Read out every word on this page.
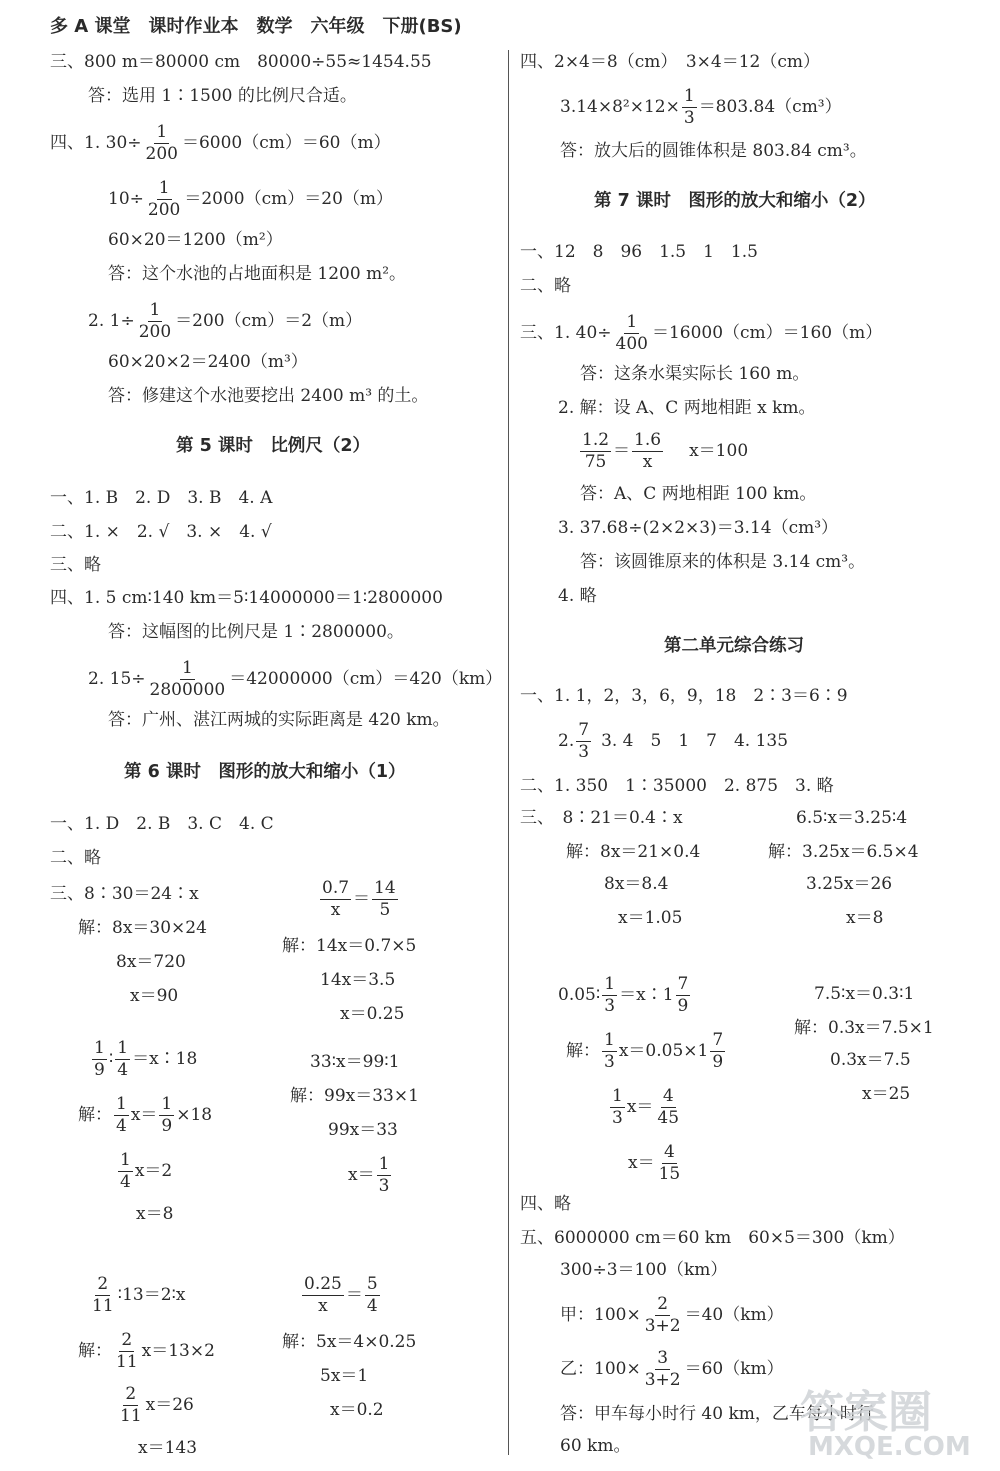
多 A 课堂　课时作业本　数学　六年级　下册(BS)
三、800 m＝80000 cm　80000÷55≈1454.55
答：选用 1∶1500 的比例尺合适。
四、1. $30\div \frac{1}{200} =6000(cm)=60(m)$
$10\div \frac{1}{200} =2000(cm)=20(m)$
60×20＝1200（m²）
答：这个水池的占地面积是 1200 m²。
2. $1\div \frac{1}{200} =200(cm)=2(m)$
60×20×2＝2400（m³）
答：修建这个水池要挖出 2400 m³ 的土。
第 5 课时　比例尺（2）
一、1. B　2. D　3. B　4. A
二、1. ×　2. √　3. ×　4. √
三、略
四、1. 5 cm∶140 km＝5∶14000000＝1∶2800000
答：这幅图的比例尺是 1∶2800000。
2. $15\div \frac{1}{2800000} =42000000(cm)=420(km)$
答：广州、湛江两城的实际距离是 420 km。
第 6 课时　图形的放大和缩小（1）
一、1. D　2. B　3. C　4. C
二、略
三、8∶30＝24∶x
解：8x＝30×24
8x＝720
x＝90
$\frac{0.7}{x} = \frac{14}{5}$
解：14x＝0.7×5
14x＝3.5
x＝0.25
$\frac{1}{9}$ ∶ $\frac{1}{4}$ ＝x∶18
解： $\frac{1}{4} x= \frac{1}{9} \times 18$
$\frac{1}{4} x=2$
x＝8
33∶x＝99∶1
解：99x＝33×1
99x＝33
$x= \frac{1}{3}$
$\frac{2}{11}$ ∶13＝2∶x
解： $\frac{2}{11} x=13\times 2$
$\frac{2}{11} x=26$
x＝143
$\frac{0.25}{x} = \frac{5}{4}$
解：5x＝4×0.25
5x＝1
x＝0.2
四、2×4＝8（cm）　3×4＝12（cm）
$3.14\times 8^2\times 12\times \frac{1}{3} =803.84(cm^3)$
答：放大后的圆锥体积是 803.84 cm³。
第 7 课时　图形的放大和缩小（2）
一、12　8　96　1.5　1　1.5
二、略
三、1. $40\div \frac{1}{400} =16000(cm)=160(m)$
答：这条水渠实际长 160 m。
2. 解：设 A、C 两地相距 x km。
$\frac{1.2}{75} = \frac{1.6}{x} x=100$
答：A、C 两地相距 100 km。
3. 37.68÷(2×2×3)＝3.14（cm³）
答：该圆锥原来的体积是 3.14 cm³。
4. 略
第二单元综合练习
一、1. 1，2，3，6，9，18　2∶3＝6∶9
2. $\frac{7}{3} 3$. 4　5　1　7　4. 135
二、1. 350　1∶35000　2. 875　3. 略
三、　8∶21＝0.4∶x
解：8x＝21×0.4
8x＝8.4
x＝1.05
6.5∶x＝3.25∶4
解：3.25x＝6.5×4
3.25x＝26
x＝8
0.05∶ $\frac{1}{3}$ ＝x∶1 $\frac{7}{9}$
解： $\frac{1}{3} x=0.05\times 1 \frac{7}{9}$
$\frac{1}{3} x= \frac{4}{45}$
$x= \frac{4}{15}$
7.5∶x＝0.3∶1
解：0.3x＝7.5×1
0.3x＝7.5
x＝25
四、略
五、6000000 cm＝60 km　60×5＝300（km）
300÷3＝100（km）
甲：$100\times \frac{2}{3+2} =40(km)$
乙：$100\times \frac{3}{3+2} =60(km)$
答：甲车每小时行 40 km，乙车每小时行
60 km。
答案圈
MXQE.COM
